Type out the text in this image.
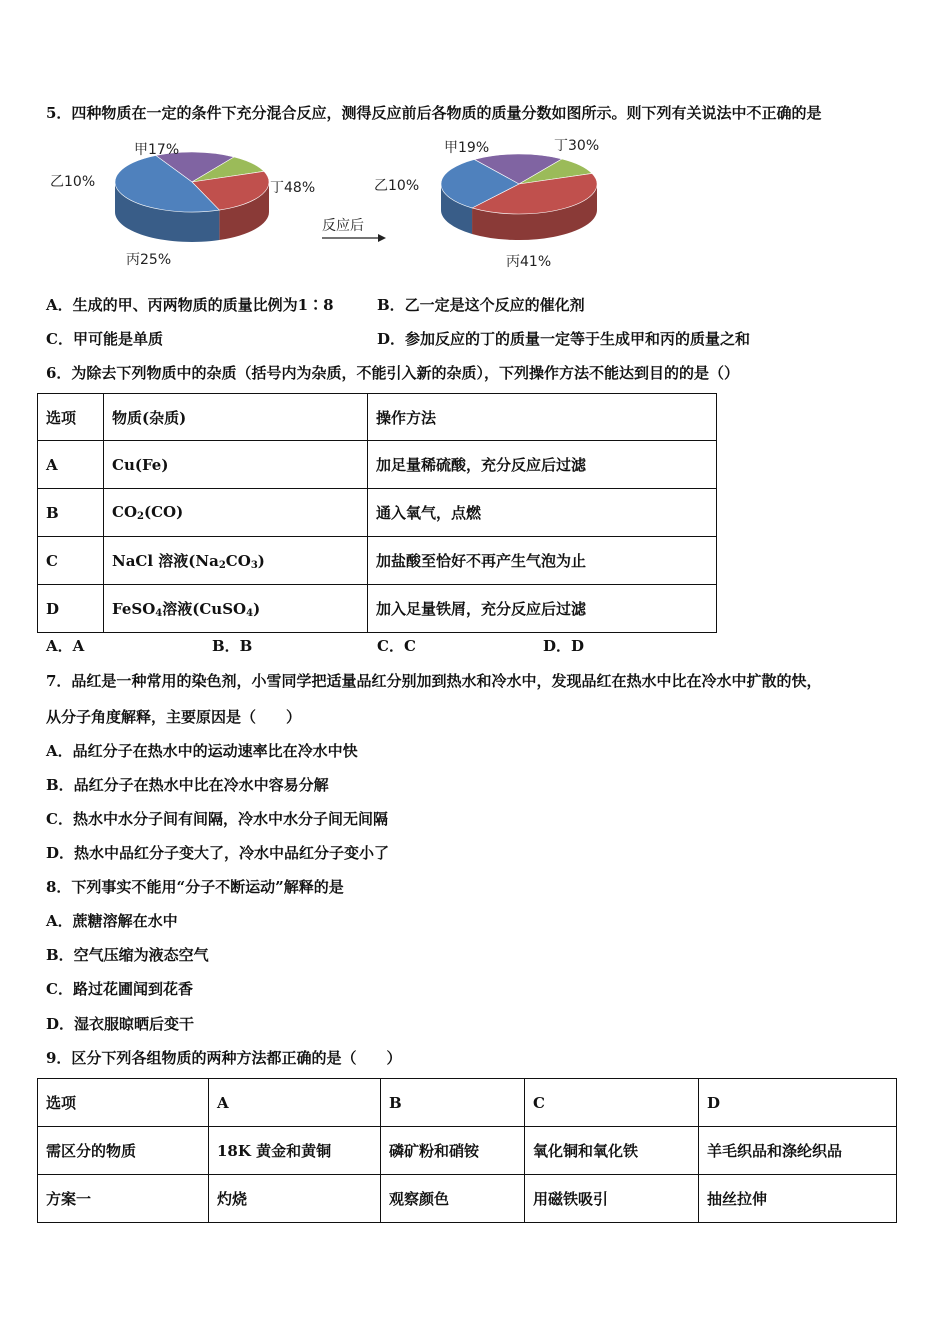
5．四种物质在一定的条件下充分混合反应，测得反应前后各物质的质量分数如图所示。则下列有关说法中不正确的是
乙10%
甲17%
丁48%
丙25%
反应后
乙10%
甲19%	丁30%
丙41%
A．生成的甲、丙两物质的质量比例为1∶8	B．乙一定是这个反应的催化剂
C．甲可能是单质	D．参加反应的丁的质量一定等于生成甲和丙的质量之和
6．为除去下列物质中的杂质（括号内为杂质，不能引入新的杂质），下列操作方法不能达到目的的是（）
选项	物质(杂质)	操作方法
A	Cu(Fe)	加足量稀硫酸，充分反应后过滤
B	$CO_2(CO)$	通入氧气，点燃
C	NaCl 溶液$(Na_2CO_3)$	加盐酸至恰好不再产生气泡为止
D	FeSO$_4$溶液(CuSO$_4$)	加入足量铁屑，充分反应后过滤
A．A	B．B	C．C	D．D
7．品红是一种常用的染色剂，小雪同学把适量品红分别加到热水和冷水中，发现品红在热水中比在冷水中扩散的快，
从分子角度解释，主要原因是（　　）
A．品红分子在热水中的运动速率比在冷水中快
B．品红分子在热水中比在冷水中容易分解
C．热水中水分子间有间隔，冷水中水分子间无间隔
D．热水中品红分子变大了，冷水中品红分子变小了
8．下列事实不能用“分子不断运动”解释的是
A．蔗糖溶解在水中
B．空气压缩为液态空气
C．路过花圃闻到花香
D．湿衣服晾晒后变干
9．区分下列各组物质的两种方法都正确的是（　　）
选项	A	B	C	D
需区分的物质	18K 黄金和黄铜	磷矿粉和硝铵	氧化铜和氧化铁	羊毛织品和涤纶织品
方案一	灼烧	观察颜色	用磁铁吸引	抽丝拉伸
